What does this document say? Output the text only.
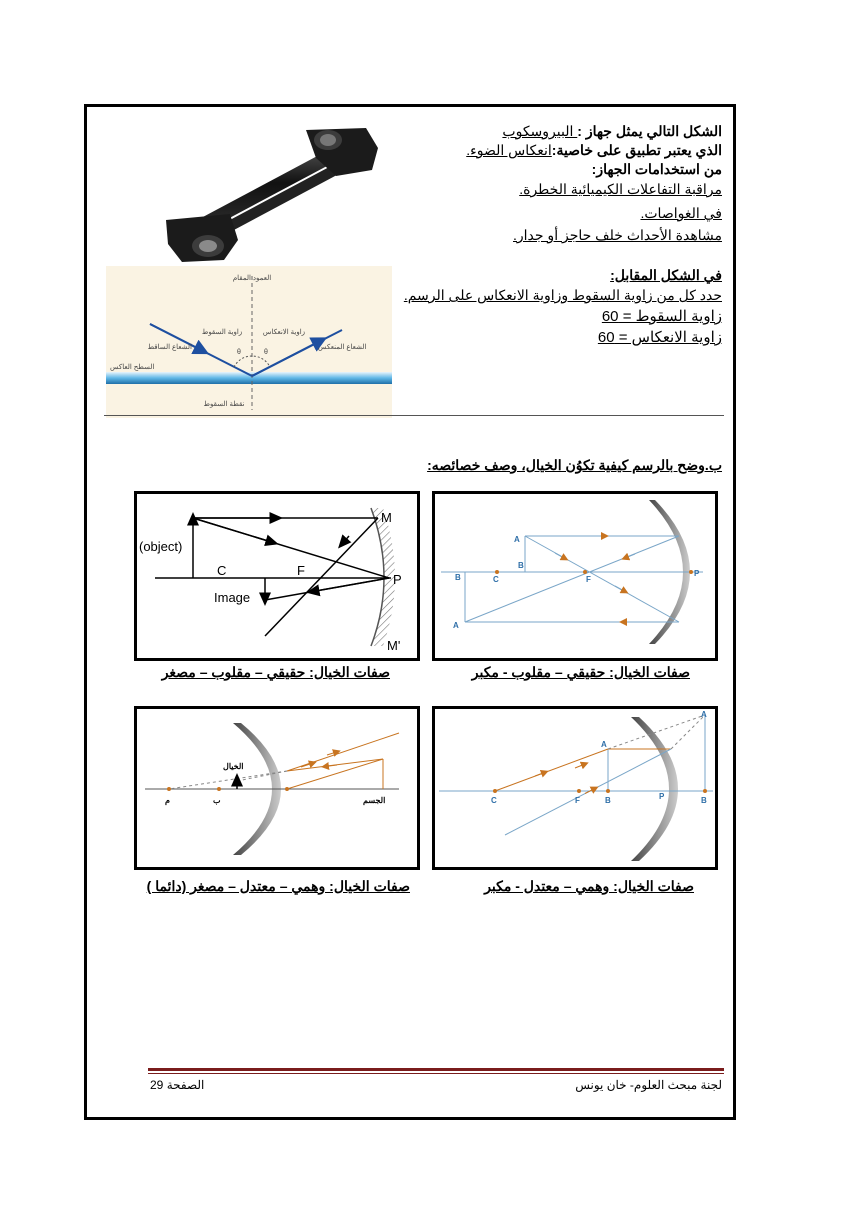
العمود المقام
زاوية السقوط	زاوية الانعكاس
الشعاع الساقط	الشعاع المنعكس
السطح العاكس
نقطة السقوط
θ	θ
الشكل التالي يمثل جهاز : البيروسكوب
الذي يعتبر تطبيق على خاصية:انعكاس الضوء.
من استخدامات الجهاز:
مراقبة التفاعلات الكيميائية الخطرة.
في الغواصات.
مشاهدة الأحداث خلف حاجز أو جدار.
في الشكل المقابل:
حدد كل من زاوية السقوط وزاوية الانعكاس على الرسم.
زاوية السقوط = 60
زاوية الانعكاس = 60
ب.وضح بالرسم كيفية تكوُن الخيال، وصف خصائصه:
(object)
C	F
P
M
M'
Image
A
B
B	C	F
P
A
صفات الخيال: حقيقي – مقلوب – مصغر	صفات الخيال: حقيقي – مقلوب - مكبر
الخيال
م	ب	الجسم
A
A
C	F	B	P	B
صفات الخيال: وهمي – معتدل – مصغر (دائما )	صفات الخيال: وهمي – معتدل - مكبر
لجنة مبحث العلوم- خان يونس
الصفحة 29
